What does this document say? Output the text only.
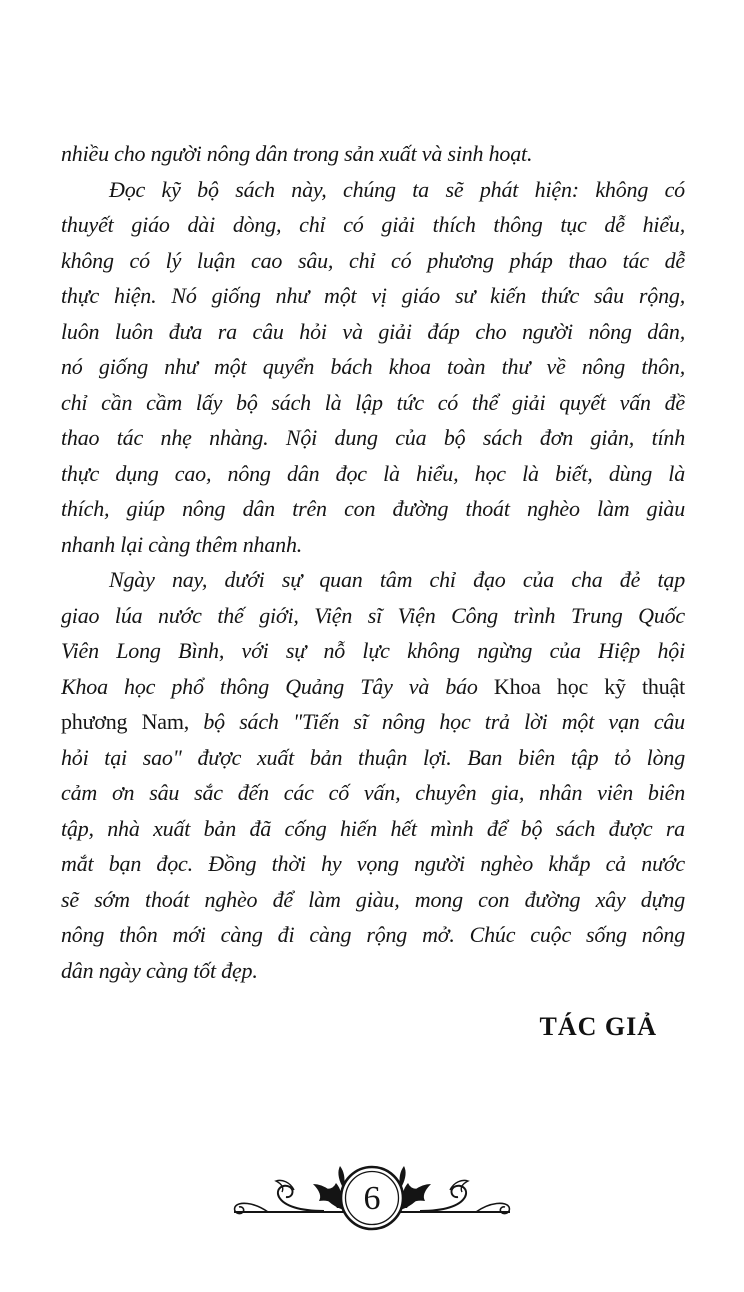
nhiều cho người nông dân trong sản xuất và sinh hoạt.
Đọc kỹ bộ sách này, chúng ta sẽ phát hiện: không có
thuyết giáo dài dòng, chỉ có giải thích thông tục dễ hiểu,
không có lý luận cao sâu, chỉ có phương pháp thao tác dễ
thực hiện. Nó giống như một vị giáo sư kiến thức sâu rộng,
luôn luôn đưa ra câu hỏi và giải đáp cho người nông dân,
nó giống như một quyển bách khoa toàn thư về nông thôn,
chỉ cần cầm lấy bộ sách là lập tức có thể giải quyết vấn đề
thao tác nhẹ nhàng. Nội dung của bộ sách đơn giản, tính
thực dụng cao, nông dân đọc là hiểu, học là biết, dùng là
thích, giúp nông dân trên con đường thoát nghèo làm giàu
nhanh lại càng thêm nhanh.
Ngày nay, dưới sự quan tâm chỉ đạo của cha đẻ tạp
giao lúa nước thế giới, Viện sĩ Viện Công trình Trung Quốc
Viên Long Bình, với sự nỗ lực không ngừng của Hiệp hội
Khoa học phổ thông Quảng Tây và báo Khoa học kỹ thuật
phương Nam, bộ sách "Tiến sĩ nông học trả lời một vạn câu
hỏi tại sao" được xuất bản thuận lợi. Ban biên tập tỏ lòng
cảm ơn sâu sắc đến các cố vấn, chuyên gia, nhân viên biên
tập, nhà xuất bản đã cống hiến hết mình để bộ sách được ra
mắt bạn đọc. Đồng thời hy vọng người nghèo khắp cả nước
sẽ sớm thoát nghèo để làm giàu, mong con đường xây dựng
nông thôn mới càng đi càng rộng mở. Chúc cuộc sống nông
dân ngày càng tốt đẹp.
TÁC GIẢ
6
